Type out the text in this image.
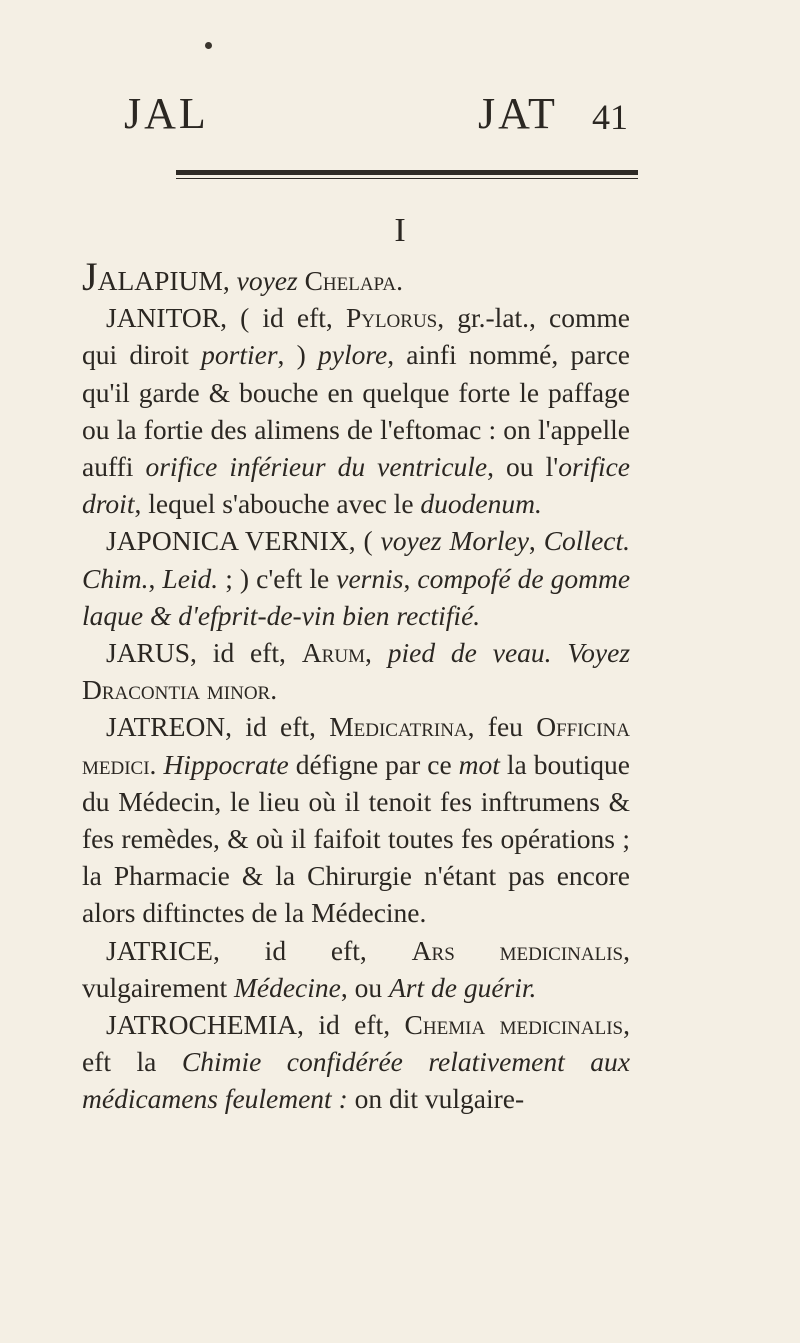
JAL	JAT 41
I

JALAPIUM, voyez Chelapa.

JANITOR, ( id eft, Pylorus, gr.-lat., comme qui diroit portier, ) pylore, ainfi nommé, parce qu'il garde & bouche en quelque forte le paffage ou la fortie des alimens de l'eftomac : on l'appelle auffi orifice inférieur du ventricule, ou l'orifice droit, lequel s'abouche avec le duodenum.

JAPONICA VERNIX, ( voyez Morley, Collect. Chim., Leid. ; ) c'eft le vernis, compofé de gomme laque & d'efprit-de-vin bien rectifié.

JARUS, id eft, Arum, pied de veau. Voyez Dracontia minor.

JATREON, id eft, Medicatrina, feu Officina medici. Hippocrate défigne par ce mot la boutique du Médecin, le lieu où il tenoit fes inftrumens & fes remèdes, & où il faifoit toutes fes opérations ; la Pharmacie & la Chirurgie n'étant pas encore alors diftinctes de la Médecine.

JATRICE, id eft, Ars medicinalis, vulgairement Médecine, ou Art de guérir.

JATROCHEMIA, id eft, Chemia medicinalis, eft la Chimie confidérée relativement aux médicamens feulement : on dit vulgaire-
